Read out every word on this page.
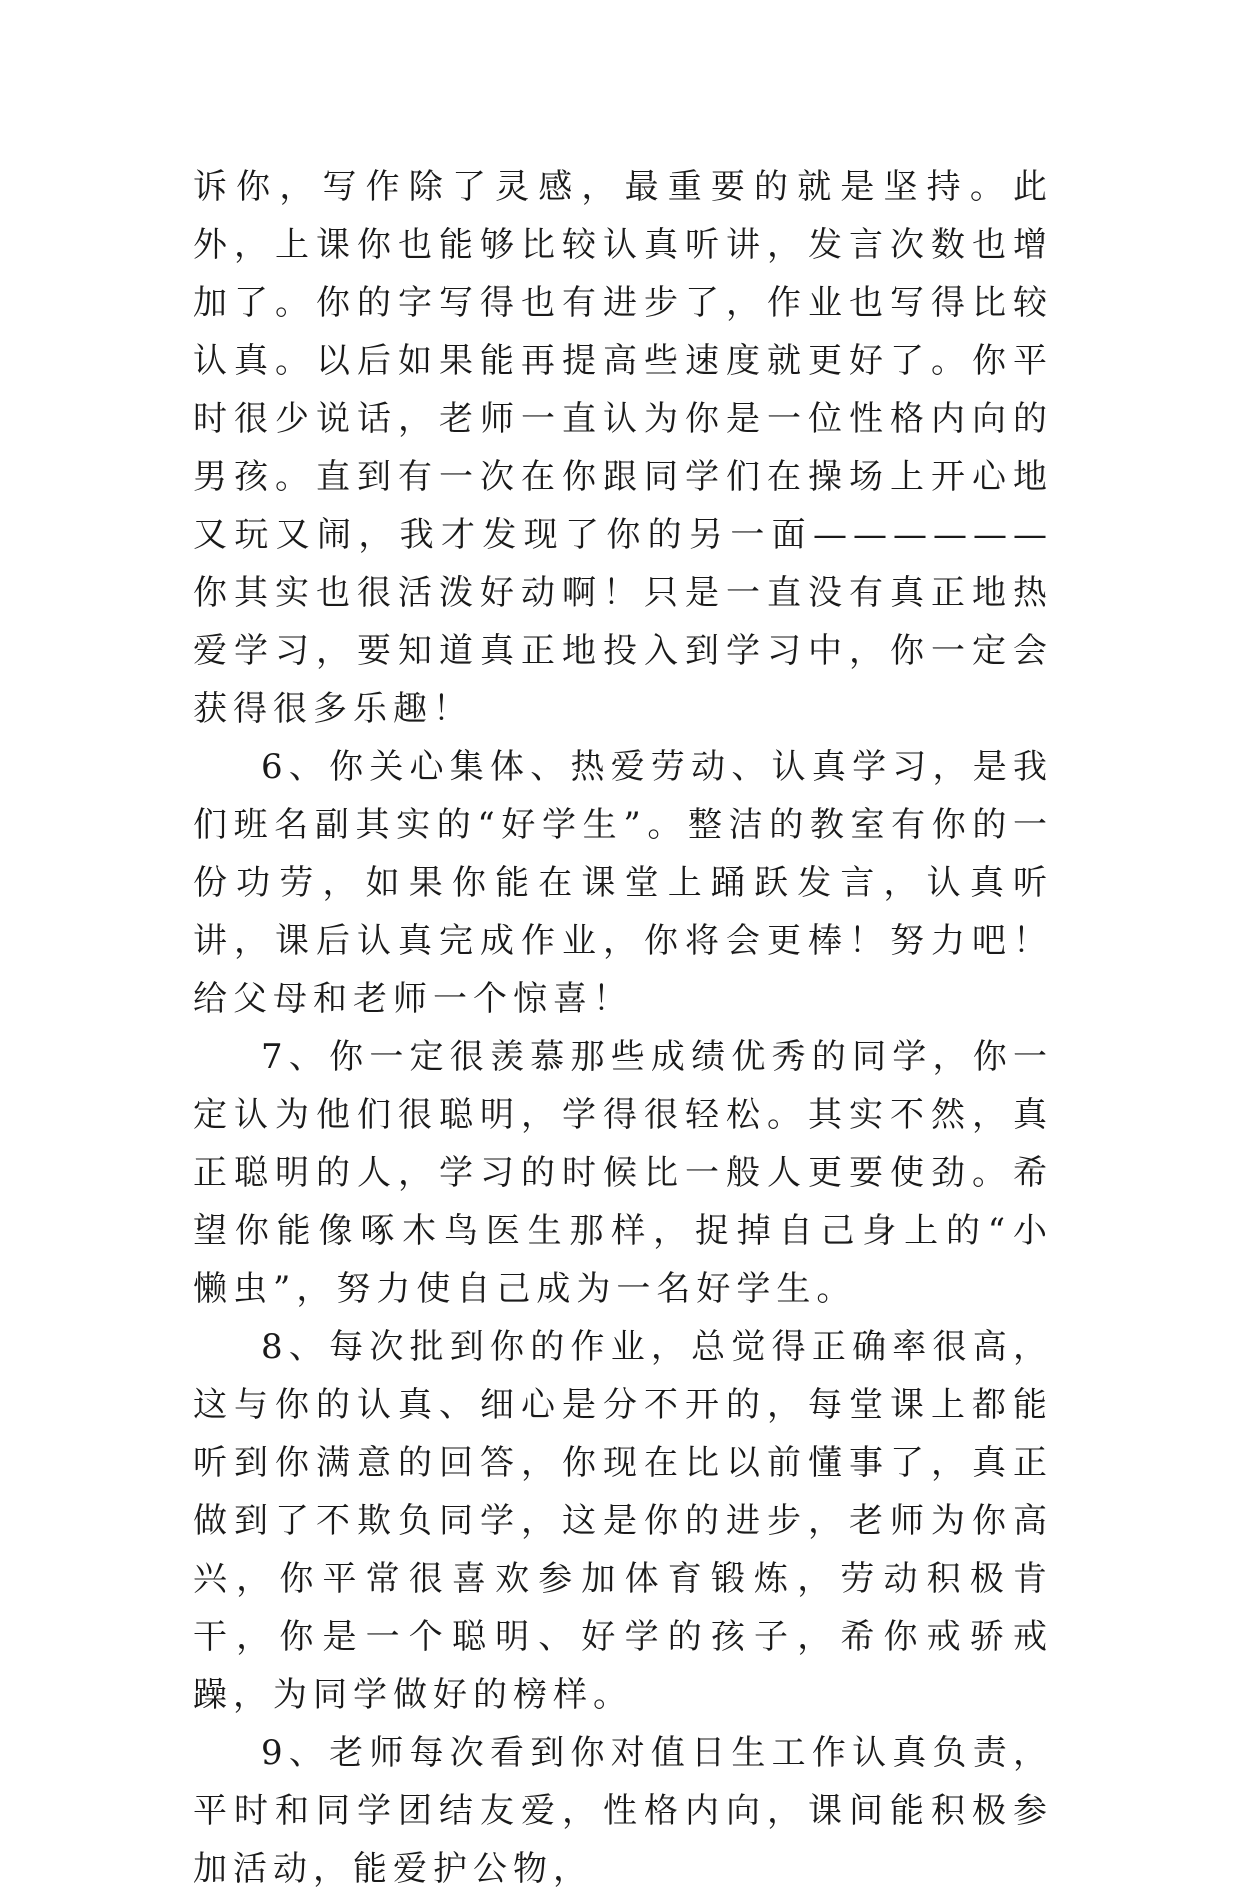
诉你，写作除了灵感，最重要的就是坚持。此外，上课你也能够比较认真听讲，发言次数也增加了。你的字写得也有进步了，作业也写得比较认真。以后如果能再提高些速度就更好了。你平时很少说话，老师一直认为你是一位性格内向的男孩。直到有一次在你跟同学们在操场上开心地又玩又闹，我才发现了你的另一面——————你其实也很活泼好动啊！只是一直没有真正地热爱学习，要知道真正地投入到学习中，你一定会获得很多乐趣！

6、你关心集体、热爱劳动、认真学习，是我们班名副其实的“好学生”。整洁的教室有你的一份功劳，如果你能在课堂上踊跃发言，认真听讲，课后认真完成作业，你将会更棒！努力吧！给父母和老师一个惊喜！

7、你一定很羡慕那些成绩优秀的同学，你一定认为他们很聪明，学得很轻松。其实不然，真正聪明的人，学习的时候比一般人更要使劲。希望你能像啄木鸟医生那样，捉掉自己身上的“小懒虫”，努力使自己成为一名好学生。

8、每次批到你的作业，总觉得正确率很高，这与你的认真、细心是分不开的，每堂课上都能听到你满意的回答，你现在比以前懂事了，真正做到了不欺负同学，这是你的进步，老师为你高兴，你平常很喜欢参加体育锻炼，劳动积极肯干，你是一个聪明、好学的孩子，希你戒骄戒躁，为同学做好的榜样。

9、老师每次看到你对值日生工作认真负责，平时和同学团结友爱，性格内向，课间能积极参加活动，能爱护公物，
